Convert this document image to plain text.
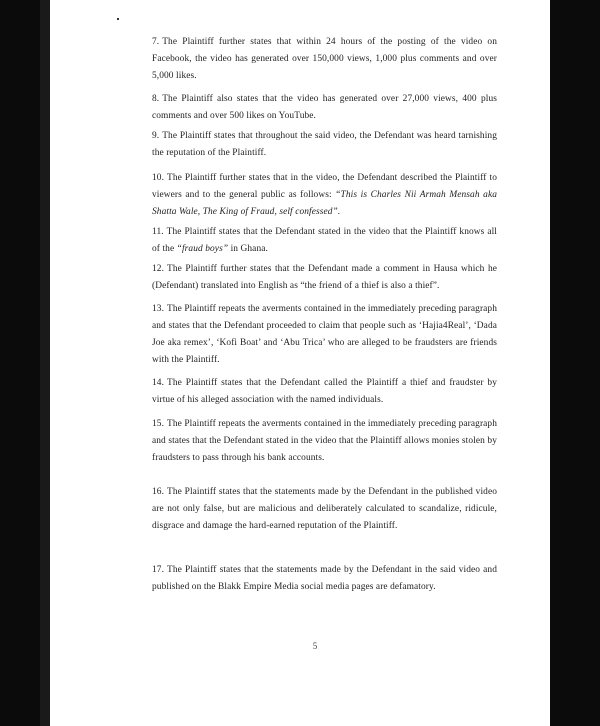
7. The Plaintiff further states that within 24 hours of the posting of the video on Facebook, the video has generated over 150,000 views, 1,000 plus comments and over 5,000 likes.
8. The Plaintiff also states that the video has generated over 27,000 views, 400 plus comments and over 500 likes on YouTube.
9. The Plaintiff states that throughout the said video, the Defendant was heard tarnishing the reputation of the Plaintiff.
10. The Plaintiff further states that in the video, the Defendant described the Plaintiff to viewers and to the general public as follows: “This is Charles Nii Armah Mensah aka Shatta Wale, The King of Fraud, self confessed”.
11. The Plaintiff states that the Defendant stated in the video that the Plaintiff knows all of the “fraud boys” in Ghana.
12. The Plaintiff further states that the Defendant made a comment in Hausa which he (Defendant) translated into English as “the friend of a thief is also a thief”.
13. The Plaintiff repeats the averments contained in the immediately preceding paragraph and states that the Defendant proceeded to claim that people such as ‘Hajia4Real’, ‘Dada Joe aka remex’, ‘Kofi Boat’ and ‘Abu Trica’ who are alleged to be fraudsters are friends with the Plaintiff.
14. The Plaintiff states that the Defendant called the Plaintiff a thief and fraudster by virtue of his alleged association with the named individuals.
15. The Plaintiff repeats the averments contained in the immediately preceding paragraph and states that the Defendant stated in the video that the Plaintiff allows monies stolen by fraudsters to pass through his bank accounts.
16. The Plaintiff states that the statements made by the Defendant in the published video are not only false, but are malicious and deliberately calculated to scandalize, ridicule, disgrace and damage the hard-earned reputation of the Plaintiff.
17. The Plaintiff states that the statements made by the Defendant in the said video and published on the Blakk Empire Media social media pages are defamatory.
5
